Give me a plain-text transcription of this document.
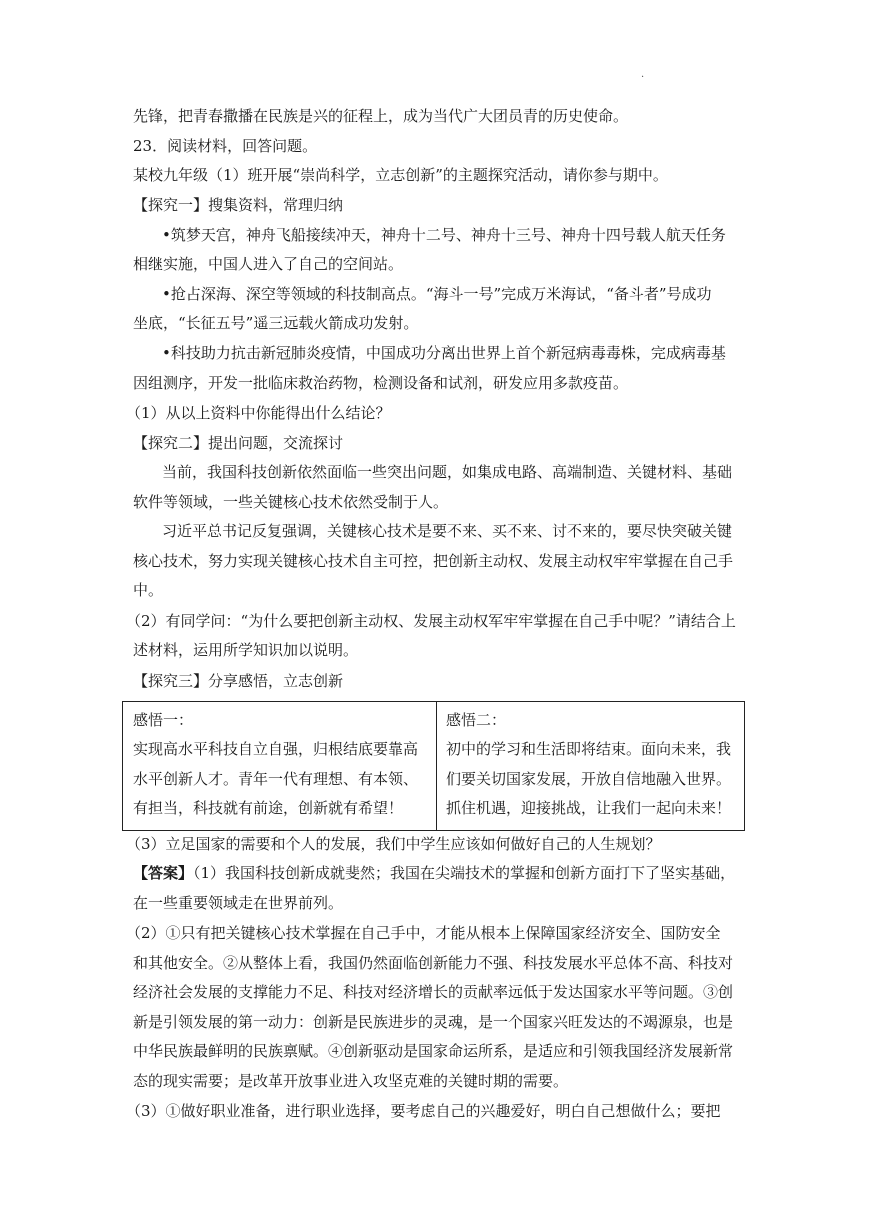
·
先锋，把青春撒播在民族是兴的征程上，成为当代广大团员青的历史使命。
23．阅读材料，回答问题。
某校九年级（1）班开展“崇尚科学，立志创新”的主题探究活动，请你参与期中。
【探究一】搜集资料，常理归纳
•筑梦天宫，神舟飞船接续冲天，神舟十二号、神舟十三号、神舟十四号载人航天任务
相继实施，中国人进入了自己的空间站。
•抢占深海、深空等领域的科技制高点。“海斗一号”完成万米海试，“备斗者”号成功
坐底，“长征五号”遥三远载火箭成功发射。
•科技助力抗击新冠肺炎疫情，中国成功分离出世界上首个新冠病毒毒株，完成病毒基
因组测序，开发一批临床救治药物，检测设备和试剂，研发应用多款疫苗。
（1）从以上资料中你能得出什么结论？
【探究二】提出问题，交流探讨
当前，我国科技创新依然面临一些突出问题，如集成电路、高端制造、关键材料、基础
软件等领域，一些关键核心技术依然受制于人。
习近平总书记反复强调，关键核心技术是要不来、买不来、讨不来的，要尽快突破关键
核心技术，努力实现关键核心技术自主可控，把创新主动权、发展主动权牢牢掌握在自己手
中。
（2）有同学问：“为什么要把创新主动权、发展主动权军牢牢掌握在自己手中呢？”请结合上
述材料，运用所学知识加以说明。
【探究三】分享感悟，立志创新
感悟一：
实现高水平科技自立自强，归根结底要靠高
水平创新人才。青年一代有理想、有本领、
有担当，科技就有前途，创新就有希望！
感悟二：
初中的学习和生活即将结束。面向未来，我
们要关切国家发展，开放自信地融入世界。
抓住机遇，迎接挑战，让我们一起向未来！
（3）立足国家的需要和个人的发展，我们中学生应该如何做好自己的人生规划？
【答案】（1）我国科技创新成就斐然；我国在尖端技术的掌握和创新方面打下了坚实基础，
在一些重要领域走在世界前列。
（2）①只有把关键核心技术掌握在自己手中，才能从根本上保障国家经济安全、国防安全
和其他安全。②从整体上看，我国仍然面临创新能力不强、科技发展水平总体不高、科技对
经济社会发展的支撑能力不足、科技对经济增长的贡献率远低于发达国家水平等问题。③创
新是引领发展的第一动力：创新是民族进步的灵魂，是一个国家兴旺发达的不竭源泉，也是
中华民族最鲜明的民族禀赋。④创新驱动是国家命运所系，是适应和引领我国经济发展新常
态的现实需要；是改革开放事业进入攻坚克难的关键时期的需要。
（3）①做好职业准备，进行职业选择，要考虑自己的兴趣爱好，明白自己想做什么；要把
